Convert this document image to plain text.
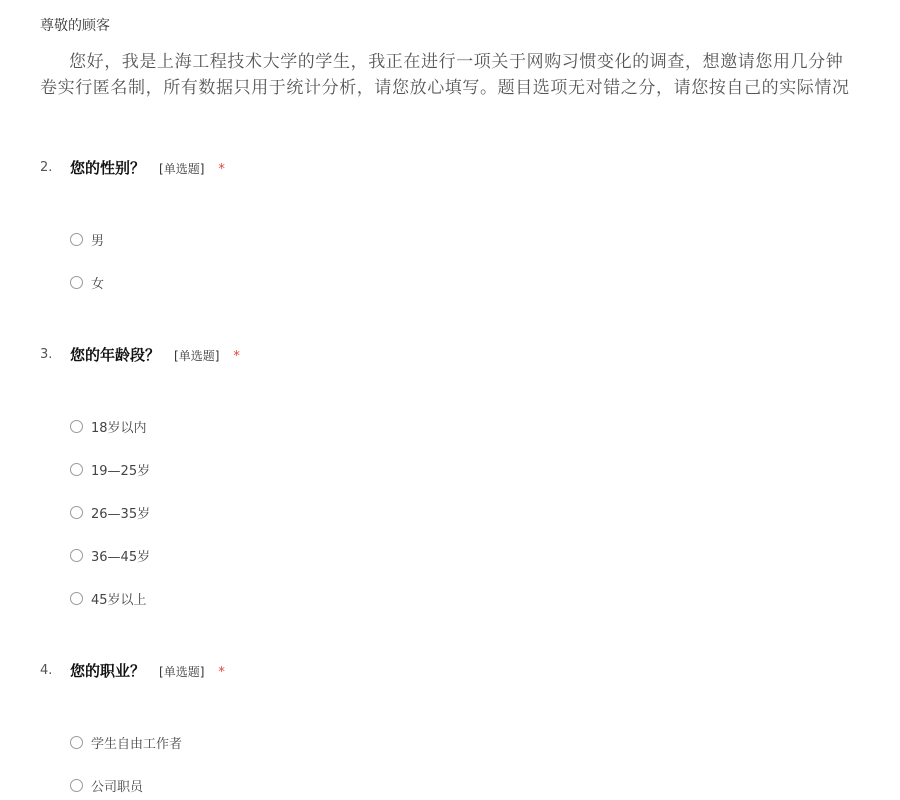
尊敬的顾客
您好，我是上海工程技术大学的学生，我正在进行一项关于网购习惯变化的调查，想邀请您用几分钟
卷实行匿名制，所有数据只用于统计分析，请您放心填写。题目选项无对错之分，请您按自己的实际情况
2. 您的性别？ [单选题] *
男
女
3. 您的年龄段？ [单选题] *
18岁以内
19—25岁
26—35岁
36—45岁
45岁以上
4. 您的职业？ [单选题] *
学生自由工作者
公司职员
